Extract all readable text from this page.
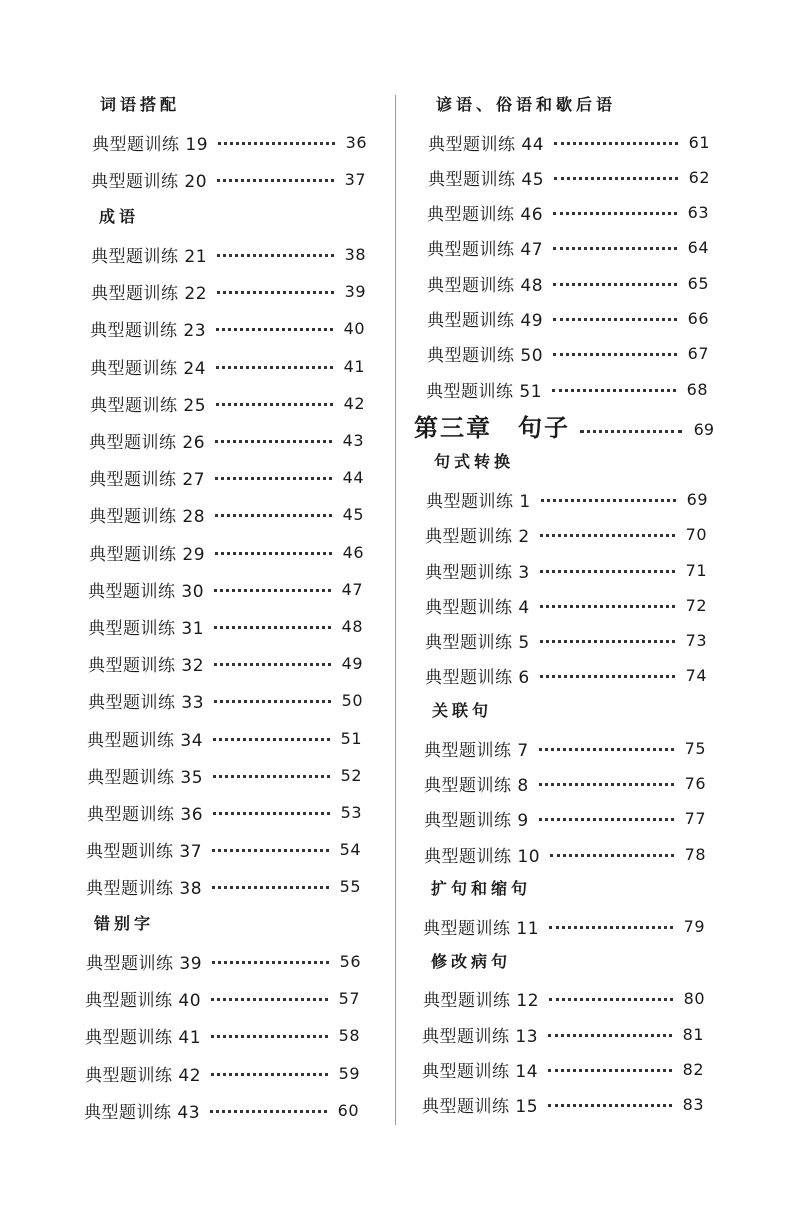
词语搭配
典型题训练 19	36
典型题训练 20	37
成语
典型题训练 21	38
典型题训练 22	39
典型题训练 23	40
典型题训练 24	41
典型题训练 25	42
典型题训练 26	43
典型题训练 27	44
典型题训练 28	45
典型题训练 29	46
典型题训练 30	47
典型题训练 31	48
典型题训练 32	49
典型题训练 33	50
典型题训练 34	51
典型题训练 35	52
典型题训练 36	53
典型题训练 37	54
典型题训练 38	55
错别字
典型题训练 39	56
典型题训练 40	57
典型题训练 41	58
典型题训练 42	59
典型题训练 43	60
谚语、俗语和歇后语
典型题训练 44	61
典型题训练 45	62
典型题训练 46	63
典型题训练 47	64
典型题训练 48	65
典型题训练 49	66
典型题训练 50	67
典型题训练 51	68
第三章　句子	69
句式转换
典型题训练 1	69
典型题训练 2	70
典型题训练 3	71
典型题训练 4	72
典型题训练 5	73
典型题训练 6	74
关联句
典型题训练 7	75
典型题训练 8	76
典型题训练 9	77
典型题训练 10	78
扩句和缩句
典型题训练 11	79
修改病句
典型题训练 12	80
典型题训练 13	81
典型题训练 14	82
典型题训练 15	83
